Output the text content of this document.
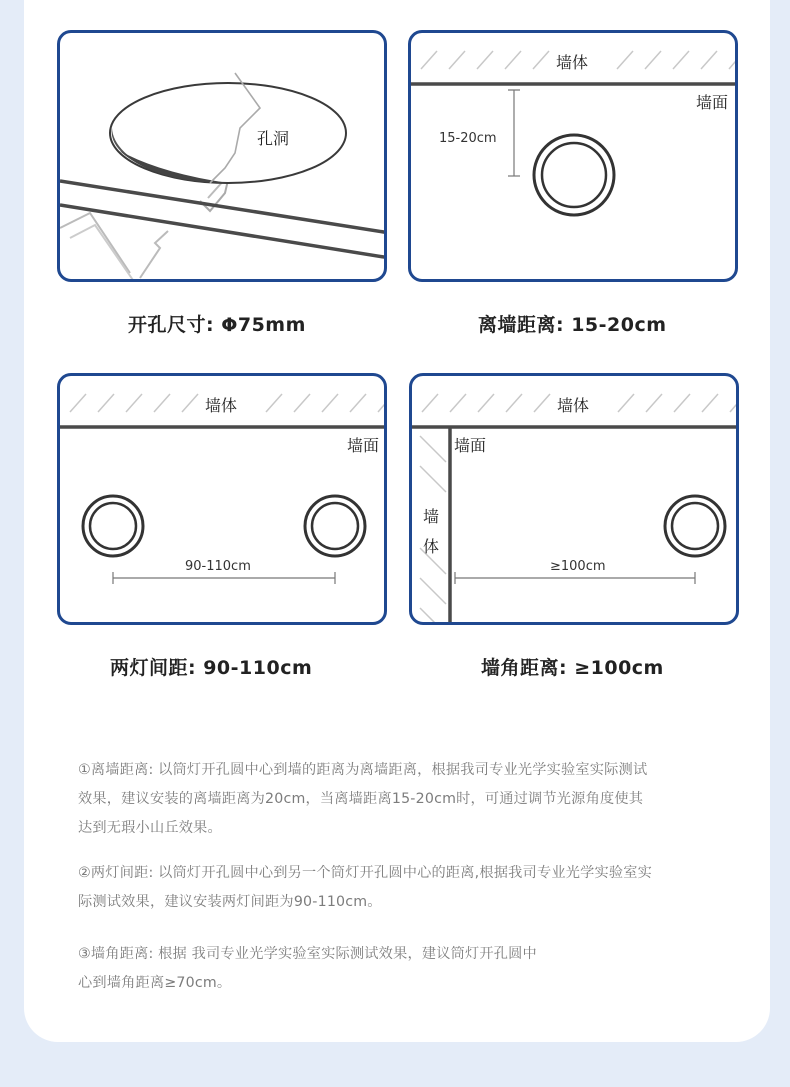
孔洞
开孔尺寸: Φ75mm
墙体
墙面
15-20cm
离墙距离: 15-20cm
墙体
墙面
90-110cm
两灯间距: 90-110cm
墙体
墙面
墙
体
≥100cm
墙角距离: ≥100cm
①离墙距离: 以筒灯开孔圆中心到墙的距离为离墙距离，根据我司专业光学实验室实际测试
效果，建议安装的离墙距离为20cm，当离墙距离15-20cm时，可通过调节光源角度使其
达到无瑕小山丘效果。
②两灯间距: 以筒灯开孔圆中心到另一个筒灯开孔圆中心的距离,根据我司专业光学实验室实
际测试效果，建议安装两灯间距为90-110cm。
③墙角距离: 根据 我司专业光学实验室实际测试效果，建议筒灯开孔圆中
心到墙角距离≥70cm。
